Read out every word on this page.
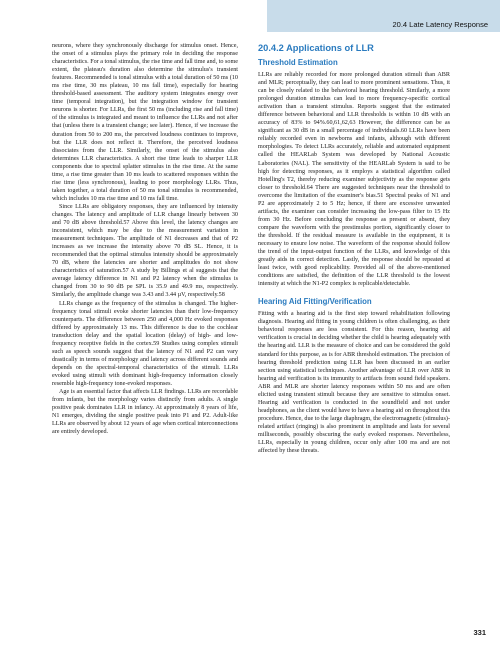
20.4 Late Latency Response

neurons, where they synchronously discharge for stimulus onset. Hence, the onset of a stimulus plays the primary role in deciding the response characteristics. For a tonal stimulus, the rise time and fall time and, to some extent, the plateau's duration also determine the stimulus's transient features. Recommended is tonal stimulus with a total duration of 50 ms (10 ms rise time, 30 ms plateau, 10 ms fall time), especially for hearing threshold-based assessment. The auditory system integrates energy over time (temporal integration), but the integration window for transient neurons is shorter. For LLRs, the first 50 ms (including rise and fall time) of the stimulus is integrated and meant to influence the LLRs and not after that (unless there is a transient change; see later). Hence, if we increase the duration from 50 to 200 ms, the perceived loudness continues to improve, but the LLR does not reflect it. Therefore, the perceived loudness dissociates from the LLR. Similarly, the onset of the stimulus also determines LLR characteristics. A short rise time leads to sharper LLR components due to spectral splatter stimulus in the rise time. At the same time, a rise time greater than 10 ms leads to scattered responses within the rise time (less synchronous), leading to poor morphology LLRs. Thus, taken together, a total duration of 50 ms tonal stimulus is recommended, which includes 10 ms rise time and 10 ms fall time.

Since LLRs are obligatory responses, they are influenced by intensity changes. The latency and amplitude of LLR change linearly between 30 and 70 dB above threshold.57 Above this level, the latency changes are inconsistent, which may be due to the measurement variation in measurement techniques. The amplitude of N1 decreases and that of P2 increases as we increase the intensity above 70 dB SL. Hence, it is recommended that the optimal stimulus intensity should be approximately 70 dB, where the latencies are shorter and amplitudes do not show characteristics of saturation.57 A study by Billings et al suggests that the average latency difference in N1 and P2 latency when the stimulus is changed from 30 to 90 dB pe SPL is 35.9 and 49.9 ms, respectively. Similarly, the amplitude change was 3.43 and 3.44 µV, respectively.58

LLRs change as the frequency of the stimulus is changed. The higher-frequency tonal stimuli evoke shorter latencies than their low-frequency counterparts. The difference between 250 and 4,000 Hz evoked responses differed by approximately 13 ms. This difference is due to the cochlear transduction delay and the spatial location (delay) of high- and low-frequency receptive fields in the cortex.59 Studies using complex stimuli such as speech sounds suggest that the latency of N1 and P2 can vary drastically in terms of morphology and latency across different sounds and depends on the spectral-temporal characteristics of the stimuli. LLRs evoked using stimuli with dominant high-frequency information closely resemble high-frequency tone-evoked responses.

Age is an essential factor that affects LLR findings. LLRs are recordable from infants, but the morphology varies distinctly from adults. A single positive peak dominates LLR in infancy. At approximately 8 years of life, N1 emerges, dividing the single positive peak into P1 and P2. Adult-like LLRs are observed by about 12 years of age when cortical interconnections are entirely developed.

20.4.2 Applications of LLR
Threshold Estimation

LLRs are reliably recorded for more prolonged duration stimuli than ABR and MLR; perceptually, they can lead to more prominent sensations. Thus, it can be closely related to the behavioral hearing threshold. Similarly, a more prolonged duration stimulus can lead to more frequency-specific cortical activation than a transient stimulus. Reports suggest that the estimated difference between behavioral and LLR thresholds is within 10 dB with an accuracy of 83% to 94%.60,61,62,63 However, the difference can be as significant as 30 dB in a small percentage of individuals.60 LLRs have been reliably recorded even in newborns and infants, although with different morphologies. To detect LLRs accurately, reliable and automated equipment called the HEARLab System was developed by National Acoustic Laboratories (NAL). The sensitivity of the HEARLab System is said to be high for detecting responses, as it employs a statistical algorithm called Hotelling's T2, thereby reducing examiner subjectivity as the response gets closer to threshold.64 There are suggested techniques near the threshold to overcome the limitation of the examiner's bias.51 Spectral peaks of N1 and P2 are approximately 2 to 5 Hz; hence, if there are excessive unwanted artifacts, the examiner can consider increasing the low-pass filter to 15 Hz from 30 Hz. Before concluding the response as present or absent, they compare the waveform with the prestimulus portion, significantly closer to the threshold. If the residual measure is available in the equipment, it is necessary to ensure low noise. The waveform of the response should follow the trend of the input-output function of the LLRs, and knowledge of this greatly aids in correct detection. Lastly, the response should be repeated at least twice, with good replicability. Provided all of the above-mentioned conditions are satisfied, the definition of the LLR threshold is the lowest intensity at which the N1-P2 complex is replicable/detectable.

Hearing Aid Fitting/Verification

Fitting with a hearing aid is the first step toward rehabilitation following diagnosis. Hearing aid fitting in young children is often challenging, as their behavioral responses are less consistent. For this reason, hearing aid verification is crucial in deciding whether the child is hearing adequately with the hearing aid. LLR is the measure of choice and can be considered the gold standard for this purpose, as is for ABR threshold estimation. The precision of hearing threshold prediction using LLR has been discussed in an earlier section using statistical techniques. Another advantage of LLR over ABR in hearing aid verification is its immunity to artifacts from sound field speakers. ABR and MLR are shorter latency responses within 50 ms and are often elicited using transient stimuli because they are sensitive to stimulus onset. Hearing aid verification is conducted in the soundfield and not under headphones, as the client would have to have a hearing aid on throughout this procedure. Hence, due to the large diaphragm, the electromagnetic (stimulus)-related artifact (ringing) is also prominent in amplitude and lasts for several milliseconds, possibly obscuring the early evoked responses. Nevertheless, LLRs, especially in young children, occur only after 100 ms and are not affected by these threats.

331
